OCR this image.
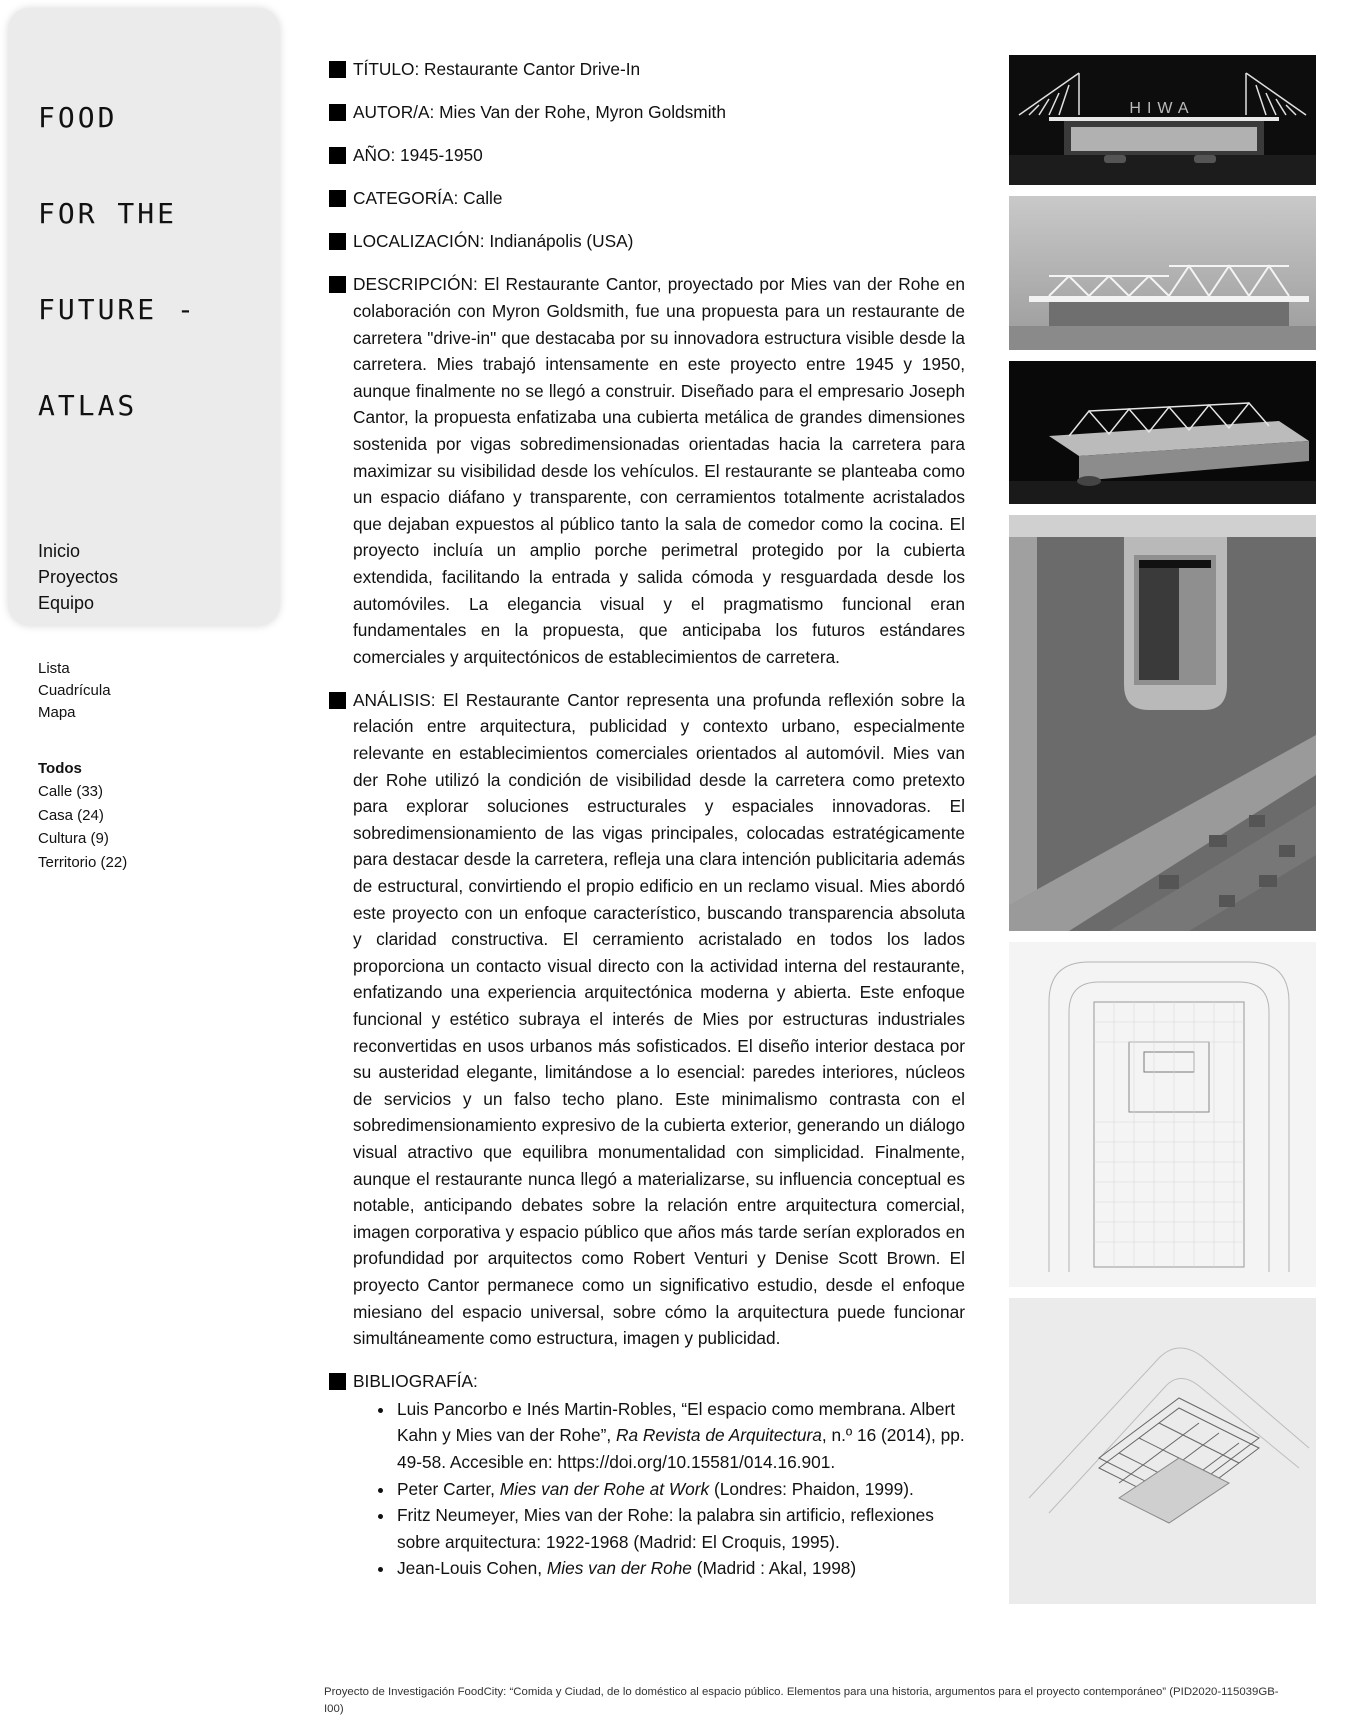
FOOD

FOR THE

FUTURE -

ATLAS

Inicio
Proyectos
Equipo
Lista
Cuadrícula
Mapa
Todos
Calle (33)
Casa (24)
Cultura (9)
Territorio (22)

TÍTULO: Restaurante Cantor Drive-In

AUTOR/A: Mies Van der Rohe, Myron Goldsmith

AÑO: 1945-1950

CATEGORÍA: Calle

LOCALIZACIÓN: Indianápolis (USA)

DESCRIPCIÓN: El Restaurante Cantor, proyectado por Mies van der Rohe en colaboración con Myron Goldsmith, fue una propuesta para un restaurante de carretera "drive-in" que destacaba por su innovadora estructura visible desde la carretera. Mies trabajó intensamente en este proyecto entre 1945 y 1950, aunque finalmente no se llegó a construir. Diseñado para el empresario Joseph Cantor, la propuesta enfatizaba una cubierta metálica de grandes dimensiones sostenida por vigas sobredimensionadas orientadas hacia la carretera para maximizar su visibilidad desde los vehículos. El restaurante se planteaba como un espacio diáfano y transparente, con cerramientos totalmente acristalados que dejaban expuestos al público tanto la sala de comedor como la cocina. El proyecto incluía un amplio porche perimetral protegido por la cubierta extendida, facilitando la entrada y salida cómoda y resguardada desde los automóviles. La elegancia visual y el pragmatismo funcional eran fundamentales en la propuesta, que anticipaba los futuros estándares comerciales y arquitectónicos de establecimientos de carretera.

ANÁLISIS: El Restaurante Cantor representa una profunda reflexión sobre la relación entre arquitectura, publicidad y contexto urbano, especialmente relevante en establecimientos comerciales orientados al automóvil. Mies van der Rohe utilizó la condición de visibilidad desde la carretera como pretexto para explorar soluciones estructurales y espaciales innovadoras. El sobredimensionamiento de las vigas principales, colocadas estratégicamente para destacar desde la carretera, refleja una clara intención publicitaria además de estructural, convirtiendo el propio edificio en un reclamo visual. Mies abordó este proyecto con un enfoque característico, buscando transparencia absoluta y claridad constructiva. El cerramiento acristalado en todos los lados proporciona un contacto visual directo con la actividad interna del restaurante, enfatizando una experiencia arquitectónica moderna y abierta. Este enfoque funcional y estético subraya el interés de Mies por estructuras industriales reconvertidas en usos urbanos más sofisticados. El diseño interior destaca por su austeridad elegante, limitándose a lo esencial: paredes interiores, núcleos de servicios y un falso techo plano. Este minimalismo contrasta con el sobredimensionamiento expresivo de la cubierta exterior, generando un diálogo visual atractivo que equilibra monumentalidad con simplicidad. Finalmente, aunque el restaurante nunca llegó a materializarse, su influencia conceptual es notable, anticipando debates sobre la relación entre arquitectura comercial, imagen corporativa y espacio público que años más tarde serían explorados en profundidad por arquitectos como Robert Venturi y Denise Scott Brown. El proyecto Cantor permanece como un significativo estudio, desde el enfoque miesiano del espacio universal, sobre cómo la arquitectura puede funcionar simultáneamente como estructura, imagen y publicidad.

BIBLIOGRAFÍA:

• Luis Pancorbo e Inés Martin-Robles, “El espacio como membrana. Albert Kahn y Mies van der Rohe”, Ra Revista de Arquitectura, n.º 16 (2014), pp. 49-58. Accesible en: https://doi.org/10.15581/014.16.901.
• Peter Carter, Mies van der Rohe at Work (Londres: Phaidon, 1999).
• Fritz Neumeyer, Mies van der Rohe: la palabra sin artificio, reflexiones sobre arquitectura: 1922-1968 (Madrid: El Croquis, 1995).
• Jean-Louis Cohen, Mies van der Rohe (Madrid : Akal, 1998)
HIWA
Proyecto de Investigación FoodCity: “Comida y Ciudad, de lo doméstico al espacio público. Elementos para una historia, argumentos para el proyecto contemporáneo” (PID2020-115039GB-I00)
